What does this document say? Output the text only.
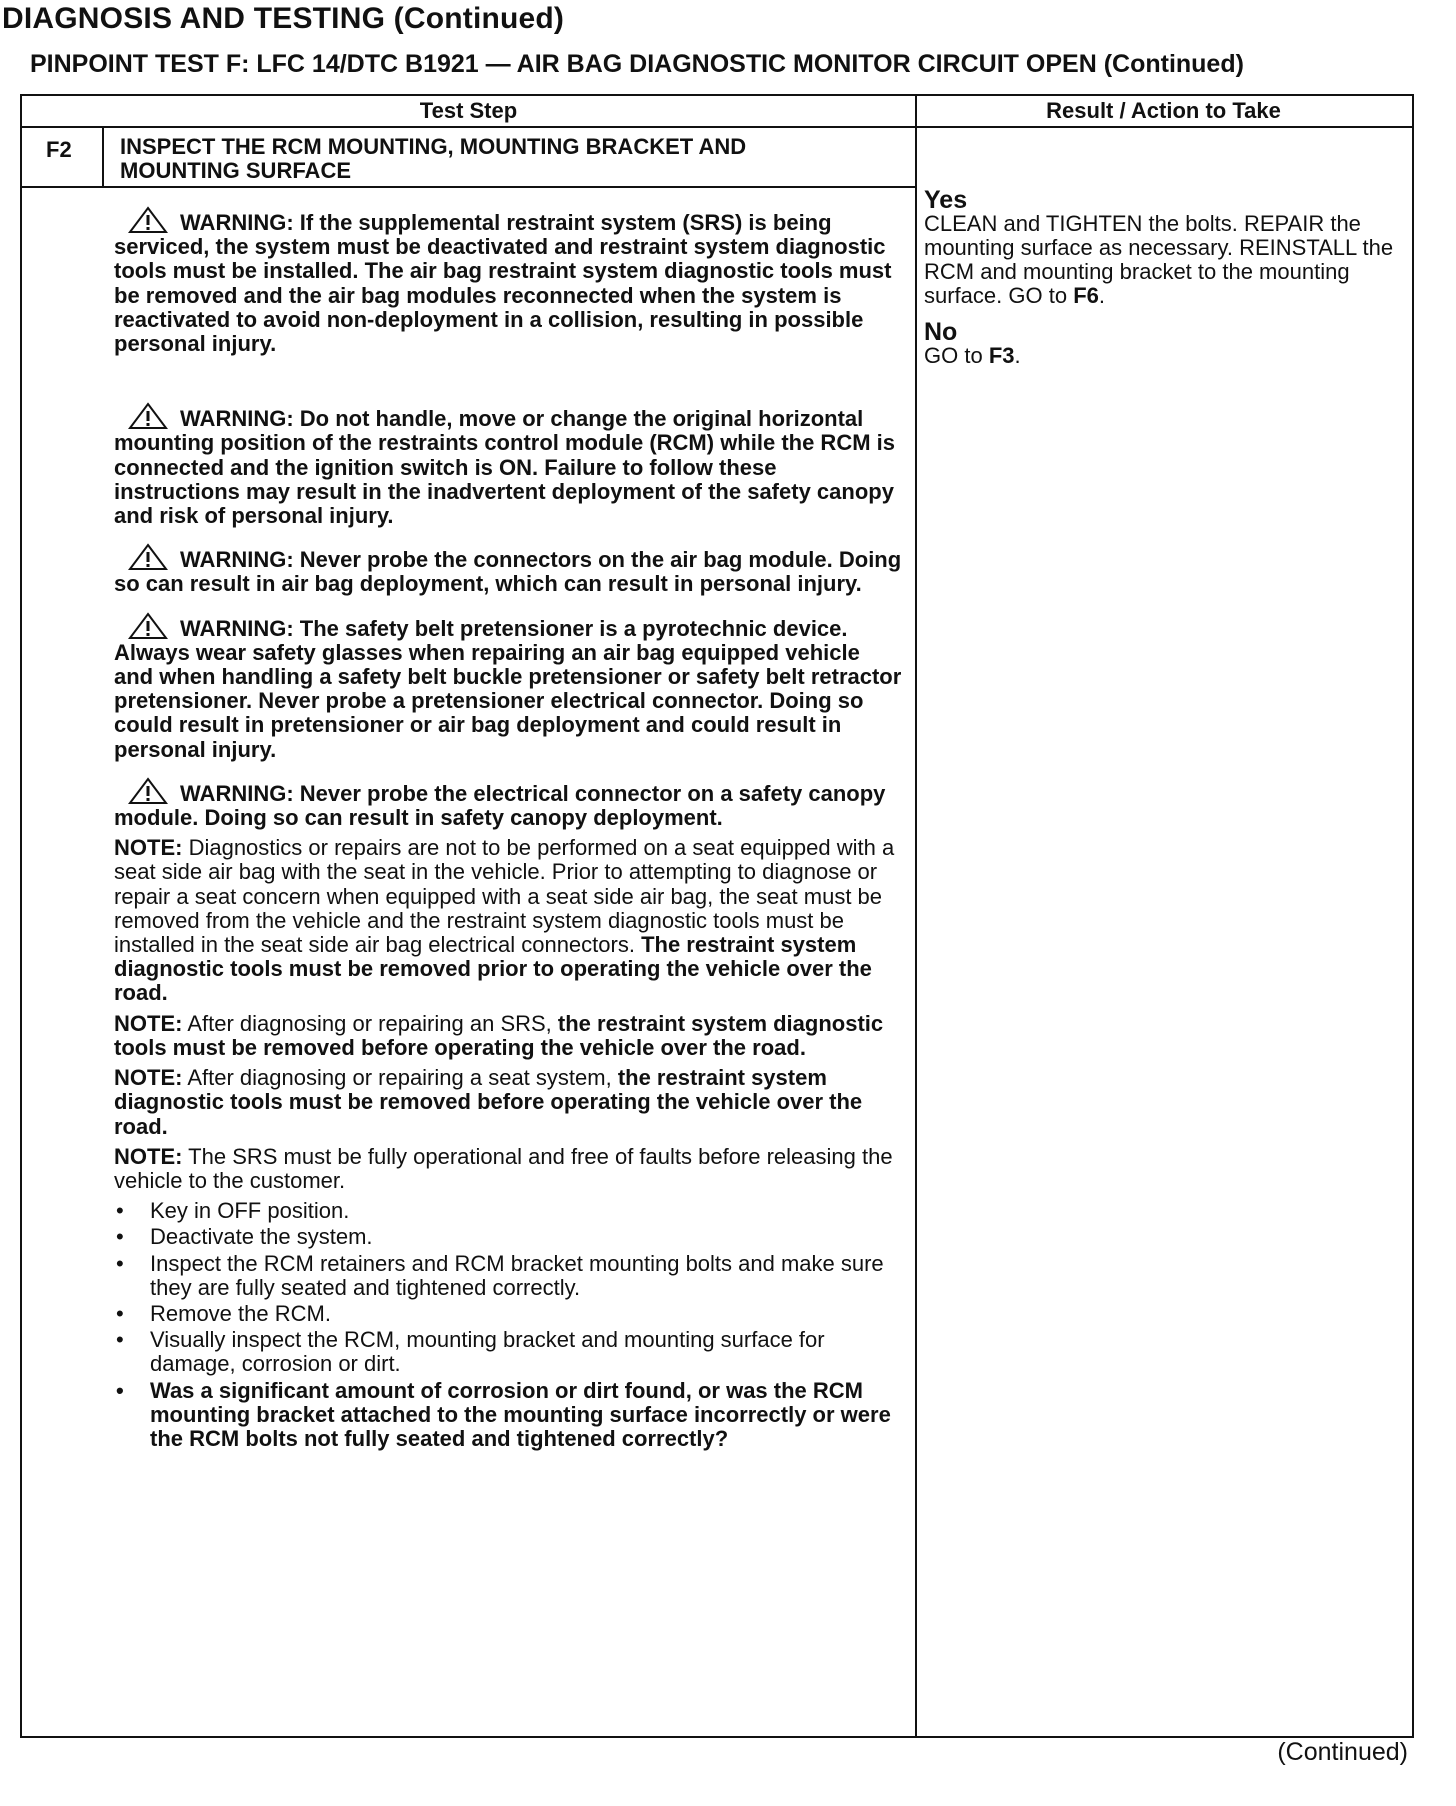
DIAGNOSIS AND TESTING (Continued)
PINPOINT TEST F: LFC 14/DTC B1921 — AIR BAG DIAGNOSTIC MONITOR CIRCUIT OPEN (Continued)
Test Step	Result / Action to Take
F2 INSPECT THE RCM MOUNTING, MOUNTING BRACKET AND MOUNTING SURFACE

WARNING: If the supplemental restraint system (SRS) is being serviced, the system must be deactivated and restraint system diagnostic tools must be installed. The air bag restraint system diagnostic tools must be removed and the air bag modules reconnected when the system is reactivated to avoid non-deployment in a collision, resulting in possible personal injury.

WARNING: Do not handle, move or change the original horizontal mounting position of the restraints control module (RCM) while the RCM is connected and the ignition switch is ON. Failure to follow these instructions may result in the inadvertent deployment of the safety canopy and risk of personal injury.

WARNING: Never probe the connectors on the air bag module. Doing so can result in air bag deployment, which can result in personal injury.

WARNING: The safety belt pretensioner is a pyrotechnic device. Always wear safety glasses when repairing an air bag equipped vehicle and when handling a safety belt buckle pretensioner or safety belt retractor pretensioner. Never probe a pretensioner electrical connector. Doing so could result in pretensioner or air bag deployment and could result in personal injury.

WARNING: Never probe the electrical connector on a safety canopy module. Doing so can result in safety canopy deployment.

NOTE: Diagnostics or repairs are not to be performed on a seat equipped with a seat side air bag with the seat in the vehicle. Prior to attempting to diagnose or repair a seat concern when equipped with a seat side air bag, the seat must be removed from the vehicle and the restraint system diagnostic tools must be installed in the seat side air bag electrical connectors. The restraint system diagnostic tools must be removed prior to operating the vehicle over the road.

NOTE: After diagnosing or repairing an SRS, the restraint system diagnostic tools must be removed before operating the vehicle over the road.

NOTE: After diagnosing or repairing a seat system, the restraint system diagnostic tools must be removed before operating the vehicle over the road.

NOTE: The SRS must be fully operational and free of faults before releasing the vehicle to the customer.

• Key in OFF position.
• Deactivate the system.
• Inspect the RCM retainers and RCM bracket mounting bolts and make sure they are fully seated and tightened correctly.
• Remove the RCM.
• Visually inspect the RCM, mounting bracket and mounting surface for damage, corrosion or dirt.
• Was a significant amount of corrosion or dirt found, or was the RCM mounting bracket attached to the mounting surface incorrectly or were the RCM bolts not fully seated and tightened correctly?
Yes
CLEAN and TIGHTEN the bolts. REPAIR the mounting surface as necessary. REINSTALL the RCM and mounting bracket to the mounting surface. GO to F6.
No
GO to F3.
(Continued)
